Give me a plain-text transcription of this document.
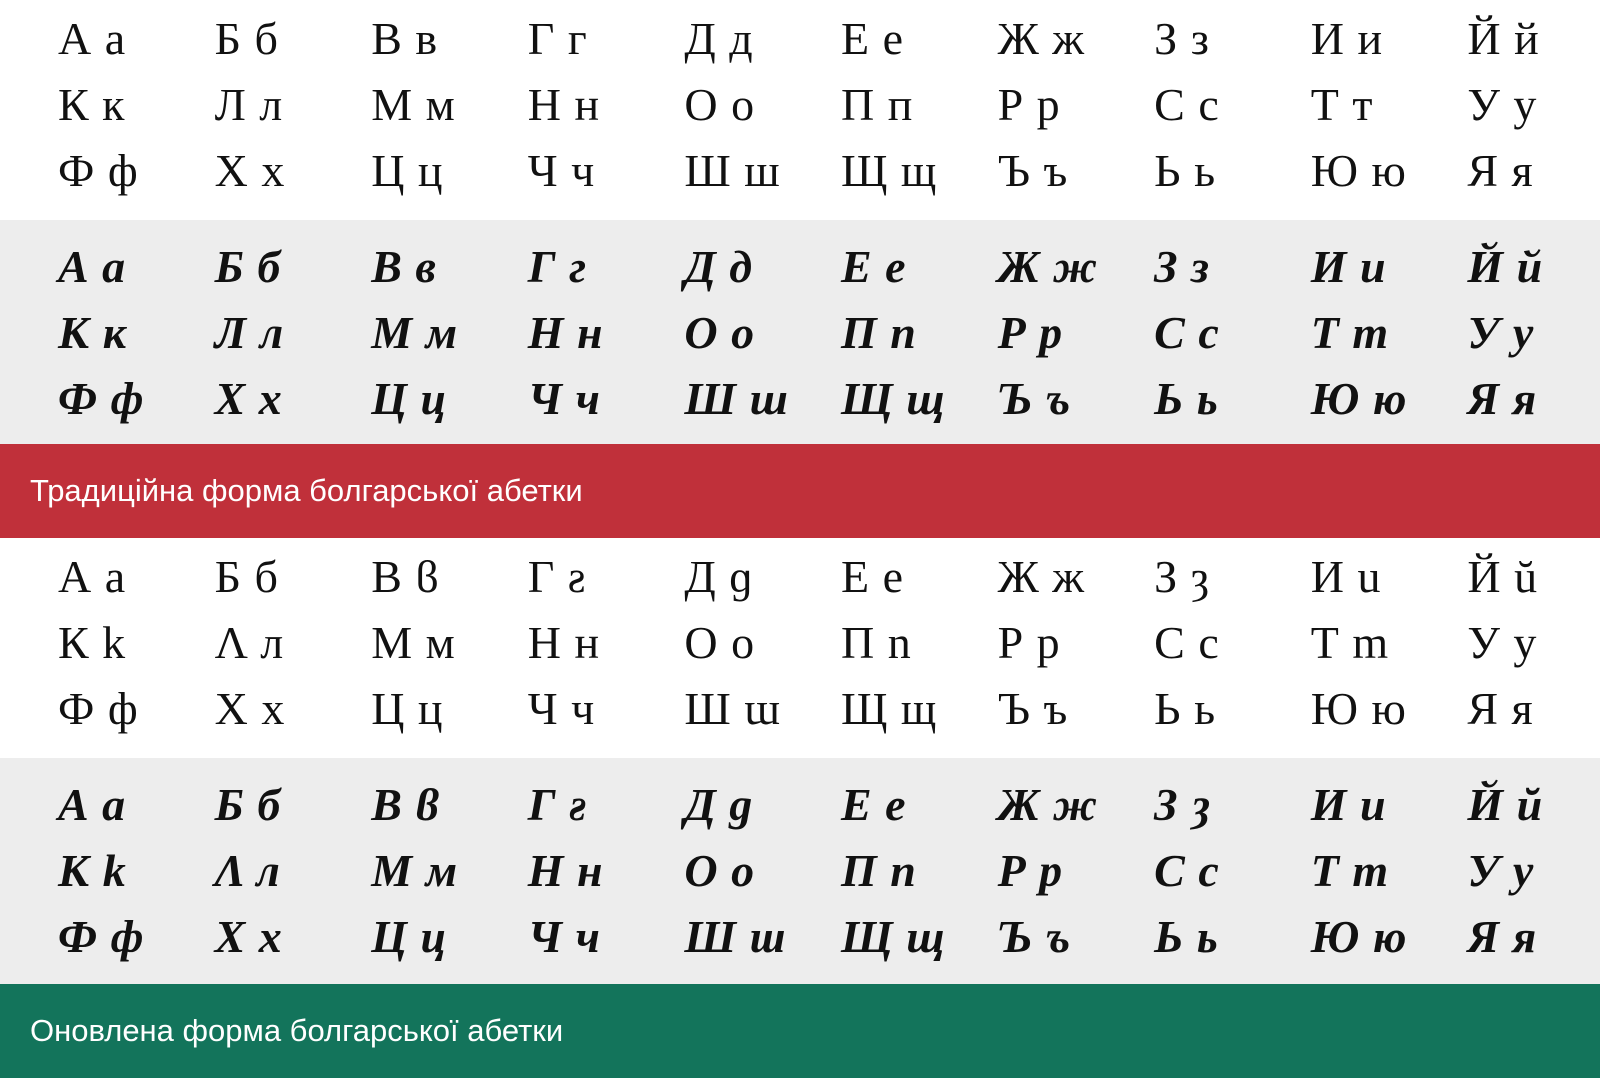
А а	Б б	В в	Г г	Д д	Е е	Ж ж	З з	И и	Й й
К к	Л л	М м	Н н	О о	П п	Р р	С с	Т т	У у
Ф ф	Х х	Ц ц	Ч ч	Ш ш	Щ щ	Ъ ъ	Ь ь	Ю ю	Я я
А а	Б б	В в	Г г	Д д	Е е	Ж ж	З з	И и	Й й
К к	Л л	М м	Н н	О о	П п	Р р	С с	Т т	У у
Ф ф	Х х	Ц ц	Ч ч	Ш ш	Щ щ	Ъ ъ	Ь ь	Ю ю	Я я
Традиційна форма болгарської абетки
А а	Б б	В ϐ	Г ƨ	Д ɡ	Е е	Ж ж	З ȝ	И u	Й ŭ
К k	Λ л	М м	Н н	О о	П n	Р р	С с	Т m	У у
Ф ф	Х х	Ц ц	Ч ч	Ш ɯ	Щ щ	Ъ ъ	Ь ь	Ю ю	Я я
А а	Б б	В ϐ	Г ƨ	Д ɡ	Е е	Ж ж	З ȝ	И u	Й ŭ
К k	Λ л	М м	Н н	О о	П n	Р р	С с	Т m	У у
Ф ф	Х х	Ц ц	Ч ч	Ш ɯ	Щ щ	Ъ ъ	Ь ь	Ю ю	Я я
Оновлена форма болгарської абетки
